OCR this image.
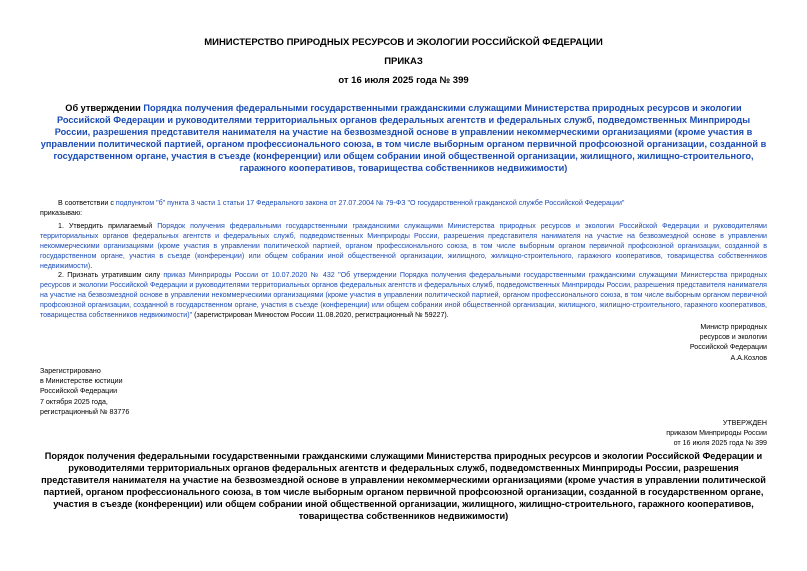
МИНИСТЕРСТВО ПРИРОДНЫХ РЕСУРСОВ И ЭКОЛОГИИ РОССИЙСКОЙ ФЕДЕРАЦИИ
ПРИКАЗ
от 16 июля 2025 года № 399
Об утверждении Порядка получения федеральными государственными гражданскими служащими Министерства природных ресурсов и экологии Российской Федерации и руководителями территориальных органов федеральных агентств и федеральных служб, подведомственных Минприроды России, разрешения представителя нанимателя на участие на безвозмездной основе в управлении некоммерческими организациями (кроме участия в управлении политической партией, органом профессионального союза, в том числе выборным органом первичной профсоюзной организации, созданной в государственном органе, участия в съезде (конференции) или общем собрании иной общественной организации, жилищного, жилищно-строительного, гаражного кооперативов, товарищества собственников недвижимости)
В соответствии с подпунктом "б" пункта 3 части 1 статьи 17 Федерального закона от 27.07.2004 № 79-ФЗ "О государственной гражданской службе Российской Федерации"
приказываю:
1. Утвердить прилагаемый Порядок получения федеральными государственными гражданскими служащими Министерства природных ресурсов и экологии Российской Федерации и руководителями территориальных органов федеральных агентств и федеральных служб, подведомственных Минприроды России, разрешения представителя нанимателя на участие на безвозмездной основе в управлении некоммерческими организациями (кроме участия в управлении политической партией, органом профессионального союза, в том числе выборным органом первичной профсоюзной организации, созданной в государственном органе, участия в съезде (конференции) или общем собрании иной общественной организации, жилищного, жилищно-строительного, гаражного кооперативов, товарищества собственников недвижимости).
2. Признать утратившим силу приказ Минприроды России от 10.07.2020 № 432 "Об утверждении Порядка получения федеральными государственными гражданскими служащими Министерства природных ресурсов и экологии Российской Федерации и руководителями территориальных органов федеральных агентств и федеральных служб, подведомственных Минприроды России, разрешения представителя нанимателя на участие на безвозмездной основе в управлении некоммерческими организациями (кроме участия в управлении политической партией, органом профессионального союза, в том числе выборным органом первичной профсоюзной организации, созданной в государственном органе, участия в съезде (конференции) или общем собрании иной общественной организации, жилищного, жилищно-строительного, гаражного кооперативов, товарищества собственников недвижимости)" (зарегистрирован Минюстом России 11.08.2020, регистрационный № 59227).
Министр природных
ресурсов и экологии
Российской Федерации
А.А.Козлов
Зарегистрировано
в Министерстве юстиции
Российской Федерации
7 октября 2025 года,
регистрационный № 83776
УТВЕРЖДЕН
приказом Минприроды России
от 16 июля 2025 года № 399
Порядок получения федеральными государственными гражданскими служащими Министерства природных ресурсов и экологии Российской Федерации и руководителями территориальных органов федеральных агентств и федеральных служб, подведомственных Минприроды России, разрешения представителя нанимателя на участие на безвозмездной основе в управлении некоммерческими организациями (кроме участия в управлении политической партией, органом профессионального союза, в том числе выборным органом первичной профсоюзной организации, созданной в государственном органе, участия в съезде (конференции) или общем собрании иной общественной организации, жилищного, жилищно-строительного, гаражного кооперативов, товарищества собственников недвижимости)
